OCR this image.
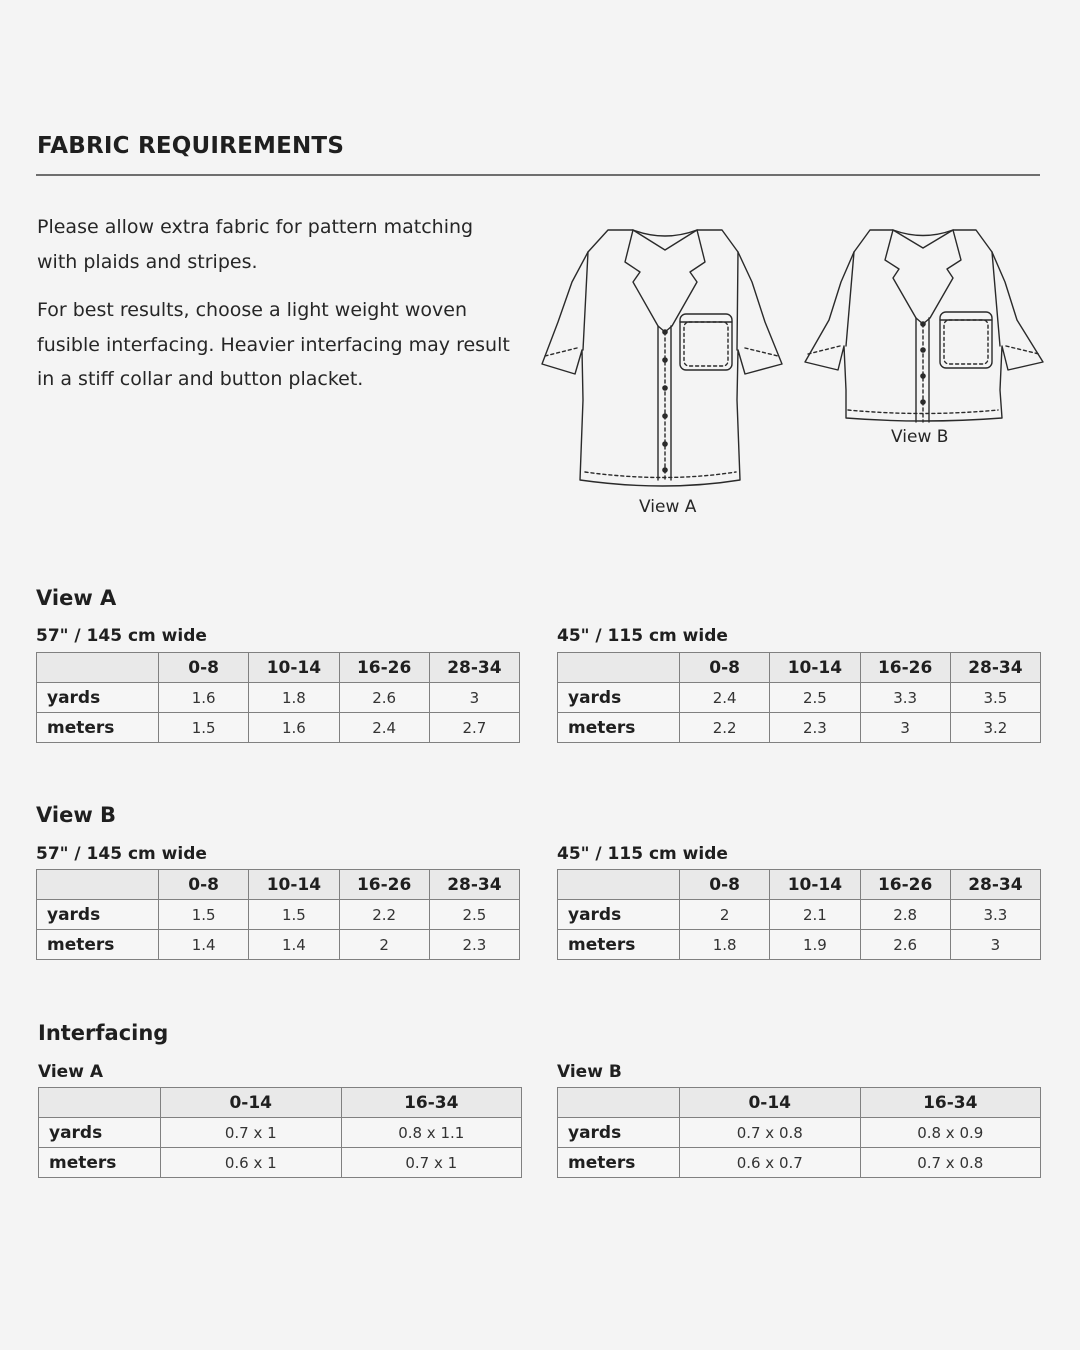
FABRIC REQUIREMENTS

Please allow extra fabric for pattern matching with plaids and stripes.

For best results, choose a light weight woven fusible interfacing. Heavier interfacing may result in a stiff collar and button placket.

View A
View B
View A
57" / 145 cm wide
	0-8	10-14	16-26	28-34
yards	1.6	1.8	2.6	3
meters	1.5	1.6	2.4	2.7
45" / 115 cm wide
	0-8	10-14	16-26	28-34
yards	2.4	2.5	3.3	3.5
meters	2.2	2.3	3	3.2
View B
57" / 145 cm wide
	0-8	10-14	16-26	28-34
yards	1.5	1.5	2.2	2.5
meters	1.4	1.4	2	2.3
45" / 115 cm wide
	0-8	10-14	16-26	28-34
yards	2	2.1	2.8	3.3
meters	1.8	1.9	2.6	3
Interfacing
View A
	0-14	16-34
yards	0.7 x 1	0.8 x 1.1
meters	0.6 x 1	0.7 x 1
View B
	0-14	16-34
yards	0.7 x 0.8	0.8 x 0.9
meters	0.6 x 0.7	0.7 x 0.8
